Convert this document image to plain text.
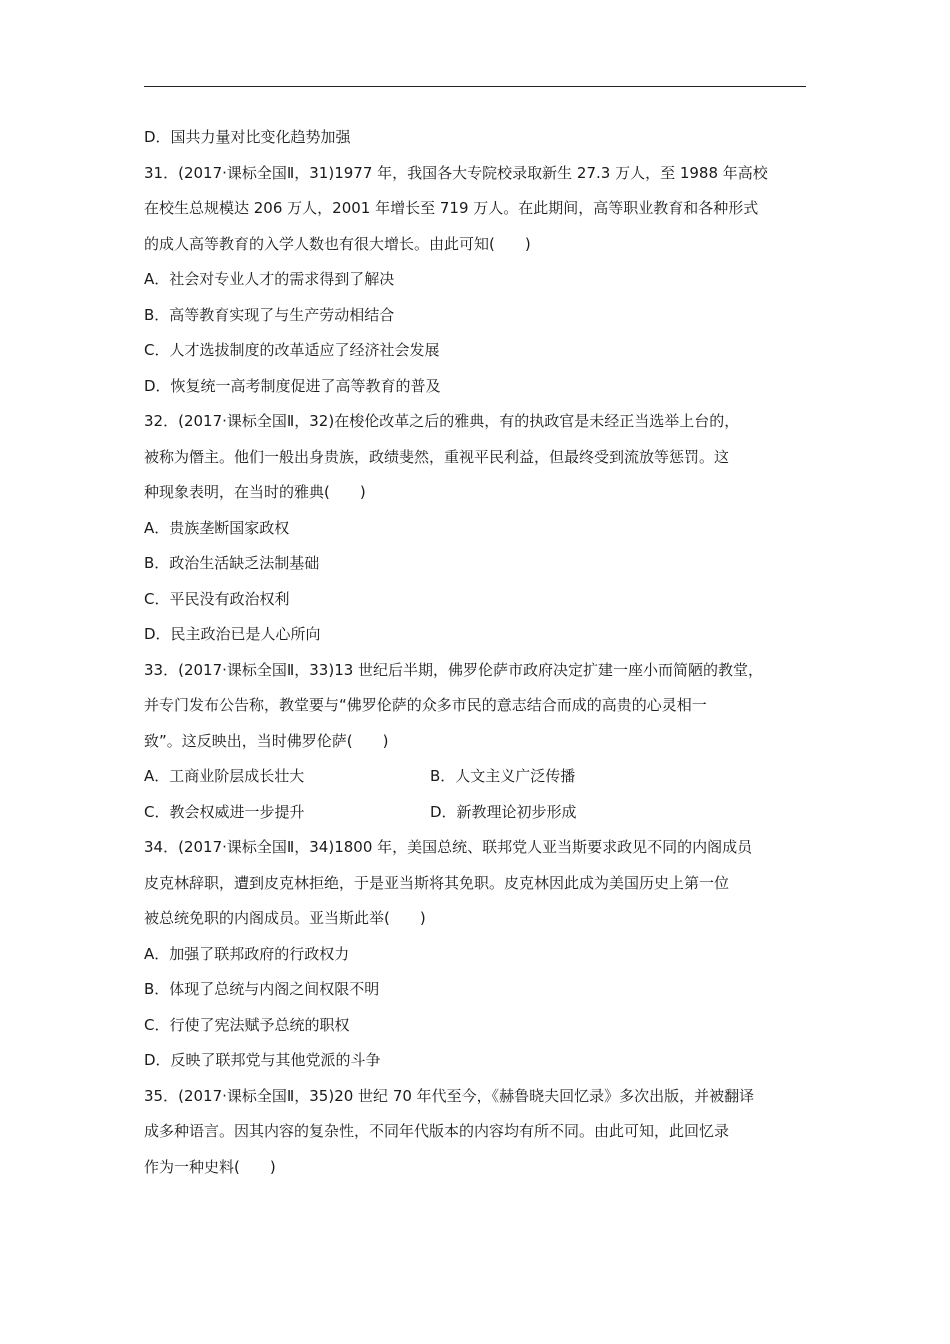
D．国共力量对比变化趋势加强
31．(2017·课标全国Ⅱ，31)1977 年，我国各大专院校录取新生 27.3 万人，至 1988 年高校
在校生总规模达 206 万人，2001 年增长至 719 万人。在此期间，高等职业教育和各种形式
的成人高等教育的入学人数也有很大增长。由此可知(　　)
A．社会对专业人才的需求得到了解决
B．高等教育实现了与生产劳动相结合
C．人才选拔制度的改革适应了经济社会发展
D．恢复统一高考制度促进了高等教育的普及
32．(2017·课标全国Ⅱ，32)在梭伦改革之后的雅典，有的执政官是未经正当选举上台的，
被称为僭主。他们一般出身贵族，政绩斐然，重视平民利益，但最终受到流放等惩罚。这
种现象表明，在当时的雅典(　　)
A．贵族垄断国家政权
B．政治生活缺乏法制基础
C．平民没有政治权利
D．民主政治已是人心所向
33．(2017·课标全国Ⅱ，33)13 世纪后半期，佛罗伦萨市政府决定扩建一座小而简陋的教堂，
并专门发布公告称，教堂要与“佛罗伦萨的众多市民的意志结合而成的高贵的心灵相一
致”。这反映出，当时佛罗伦萨(　　)
A．工商业阶层成长壮大	B．人文主义广泛传播
C．教会权威进一步提升	D．新教理论初步形成
34．(2017·课标全国Ⅱ，34)1800 年，美国总统、联邦党人亚当斯要求政见不同的内阁成员
皮克林辞职，遭到皮克林拒绝，于是亚当斯将其免职。皮克林因此成为美国历史上第一位
被总统免职的内阁成员。亚当斯此举(　　)
A．加强了联邦政府的行政权力
B．体现了总统与内阁之间权限不明
C．行使了宪法赋予总统的职权
D．反映了联邦党与其他党派的斗争
35．(2017·课标全国Ⅱ，35)20 世纪 70 年代至今，《赫鲁晓夫回忆录》多次出版，并被翻译
成多种语言。因其内容的复杂性，不同年代版本的内容均有所不同。由此可知，此回忆录
作为一种史料(　　)
